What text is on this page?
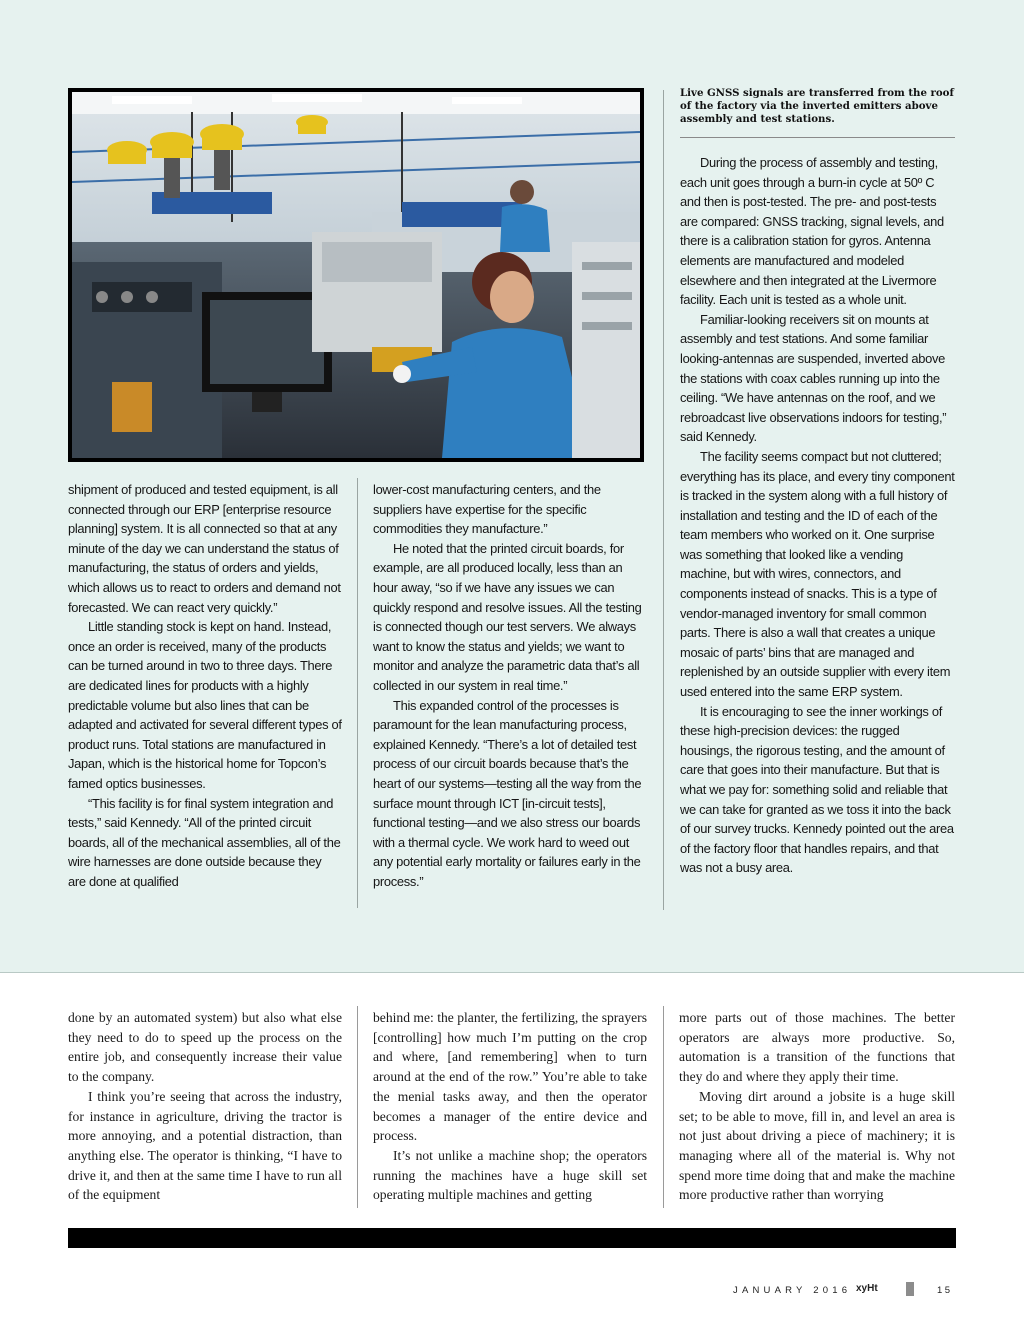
Live GNSS signals are transferred from the roof of the factory via the inverted emitters above assembly and test stations.

shipment of produced and tested equipment, is all connected through our ERP [enterprise resource planning] system. It is all connected so that at any minute of the day we can understand the status of manufacturing, the status of orders and yields, which allows us to react to orders and demand not forecasted. We can react very quickly.”

Little standing stock is kept on hand. Instead, once an order is received, many of the products can be turned around in two to three days. There are dedicated lines for products with a highly predictable volume but also lines that can be adapted and activated for several different types of product runs. Total stations are manufactured in Japan, which is the historical home for Topcon’s famed optics businesses.

“This facility is for final system integration and tests,” said Kennedy. “All of the printed circuit boards, all of the mechanical assemblies, all of the wire harnesses are done outside because they are done at qualified

lower-cost manufacturing centers, and the suppliers have expertise for the specific commodities they manufacture.”

He noted that the printed circuit boards, for example, are all produced locally, less than an hour away, “so if we have any issues we can quickly respond and resolve issues. All the testing is connected though our test servers. We always want to know the status and yields; we want to monitor and analyze the parametric data that’s all collected in our system in real time.”

This expanded control of the processes is paramount for the lean manufacturing process, explained Kennedy. “There’s a lot of detailed test process of our circuit boards because that’s the heart of our systems—testing all the way from the surface mount through ICT [in-circuit tests], functional testing—and we also stress our boards with a thermal cycle. We work hard to weed out any potential early mortality or failures early in the process.”

During the process of assembly and testing, each unit goes through a burn-in cycle at 50º C and then is post-tested. The pre- and post-tests are compared: GNSS tracking, signal levels, and there is a calibration station for gyros. Antenna elements are manufactured and modeled elsewhere and then integrated at the Livermore facility. Each unit is tested as a whole unit.

Familiar-looking receivers sit on mounts at assembly and test stations. And some familiar looking-antennas are suspended, inverted above the stations with coax cables running up into the ceiling. “We have antennas on the roof, and we rebroadcast live observations indoors for testing,” said Kennedy.

The facility seems compact but not cluttered; everything has its place, and every tiny component is tracked in the system along with a full history of installation and testing and the ID of each of the team members who worked on it. One surprise was something that looked like a vending machine, but with wires, connectors, and components instead of snacks. This is a type of vendor-managed inventory for small common parts. There is also a wall that creates a unique mosaic of parts’ bins that are managed and replenished by an outside supplier with every item used entered into the same ERP system.

It is encouraging to see the inner workings of these high-precision devices: the rugged housings, the rigorous testing, and the amount of care that goes into their manufacture. But that is what we pay for: something solid and reliable that we can take for granted as we toss it into the back of our survey trucks. Kennedy pointed out the area of the factory floor that handles repairs, and that was not a busy area.

done by an automated system) but also what else they need to do to speed up the process on the entire job, and consequently increase their value to the company.

I think you’re seeing that across the industry, for instance in agriculture, driving the tractor is more annoying, and a potential distraction, than anything else. The operator is thinking, “I have to drive it, and then at the same time I have to run all of the equipment

behind me: the planter, the fertilizing, the sprayers [controlling] how much I’m putting on the crop and where, [and remembering] when to turn around at the end of the row.” You’re able to take the menial tasks away, and then the operator becomes a manager of the entire device and process.

It’s not unlike a machine shop; the operators running the machines have a huge skill set operating multiple machines and getting

more parts out of those machines. The better operators are always more productive. So, automation is a transition of the functions that they do and where they apply their time.

Moving dirt around a jobsite is a huge skill set; to be able to move, fill in, and level an area is not just about driving a piece of machinery; it is managing where all of the material is. Why not spend more time doing that and make the machine more productive rather than worrying

JANUARY 2016 xyHt	15
